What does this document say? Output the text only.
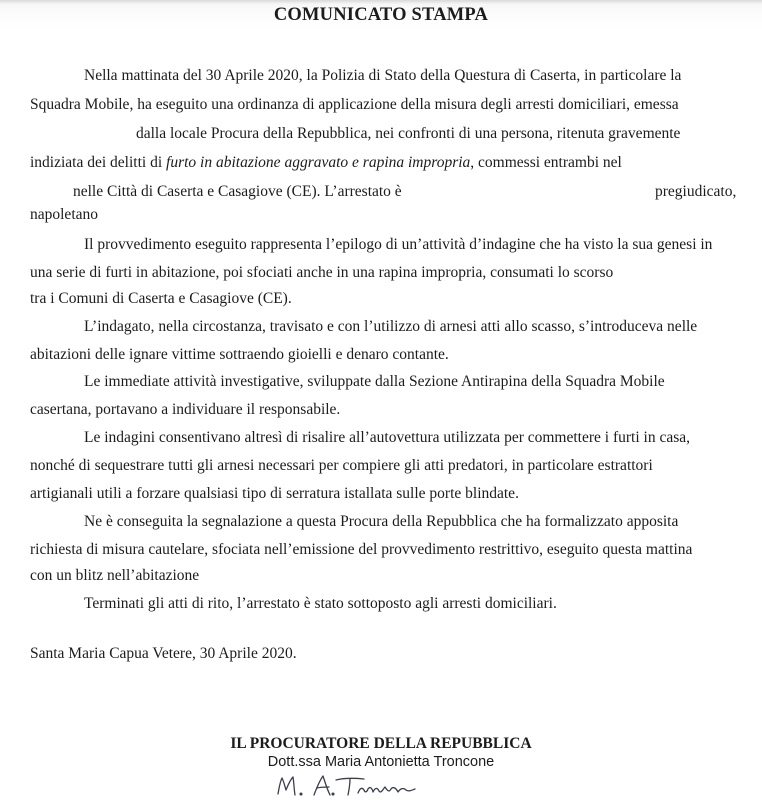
COMUNICATO STAMPA
Nella mattinata del 30 Aprile 2020, la Polizia di Stato della Questura di Caserta, in particolare la
Squadra Mobile, ha eseguito una ordinanza di applicazione della misura degli arresti domiciliari, emessa
dalla locale Procura della Repubblica, nei confronti di una persona, ritenuta gravemente
indiziata dei delitti di furto in abitazione aggravato e rapina impropria, commessi entrambi nel
nelle Città di Caserta e Casagiove (CE). L’arrestato è	pregiudicato,
napoletano
Il provvedimento eseguito rappresenta l’epilogo di un’attività d’indagine che ha visto la sua genesi in
una serie di furti in abitazione, poi sfociati anche in una rapina impropria, consumati lo scorso
tra i Comuni di Caserta e Casagiove (CE).
L’indagato, nella circostanza, travisato e con l’utilizzo di arnesi atti allo scasso, s’introduceva nelle
abitazioni delle ignare vittime sottraendo gioielli e denaro contante.
Le immediate attività investigative, sviluppate dalla Sezione Antirapina della Squadra Mobile
casertana, portavano a individuare il responsabile.
Le indagini consentivano altresì di risalire all’autovettura utilizzata per commettere i furti in casa,
nonché di sequestrare tutti gli arnesi necessari per compiere gli atti predatori, in particolare estrattori
artigianali utili a forzare qualsiasi tipo di serratura istallata sulle porte blindate.
Ne è conseguita la segnalazione a questa Procura della Repubblica che ha formalizzato apposita
richiesta di misura cautelare, sfociata nell’emissione del provvedimento restrittivo, eseguito questa mattina
con un blitz nell’abitazione
Terminati gli atti di rito, l’arrestato è stato sottoposto agli arresti domiciliari.
Santa Maria Capua Vetere, 30 Aprile 2020.
IL PROCURATORE DELLA REPUBBLICA
Dott.ssa Maria Antonietta Troncone
